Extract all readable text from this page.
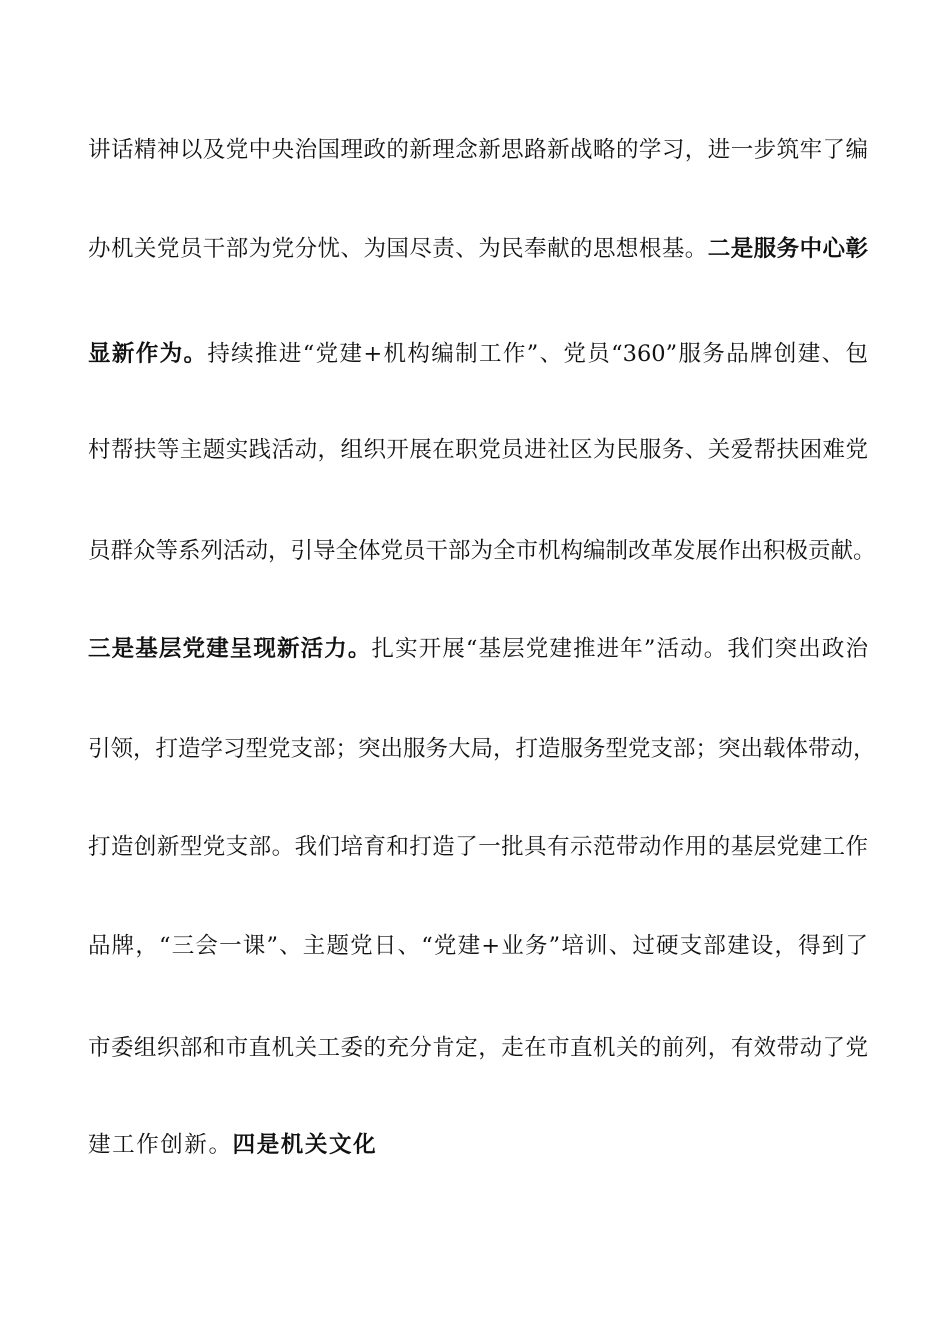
讲话精神以及党中央治国理政的新理念新思路新战略的学习，进一步筑牢了编
办机关党员干部为党分忧、为国尽责、为民奉献的思想根基。二是服务中心彰
显新作为。持续推进“党建+机构编制工作”、党员“360”服务品牌创建、包
村帮扶等主题实践活动，组织开展在职党员进社区为民服务、关爱帮扶困难党
员群众等系列活动，引导全体党员干部为全市机构编制改革发展作出积极贡献。
三是基层党建呈现新活力。扎实开展“基层党建推进年”活动。我们突出政治
引领，打造学习型党支部；突出服务大局，打造服务型党支部；突出载体带动，
打造创新型党支部。我们培育和打造了一批具有示范带动作用的基层党建工作
品牌，“三会一课”、主题党日、“党建+业务”培训、过硬支部建设，得到了
市委组织部和市直机关工委的充分肯定，走在市直机关的前列，有效带动了党
建工作创新。四是机关文化
